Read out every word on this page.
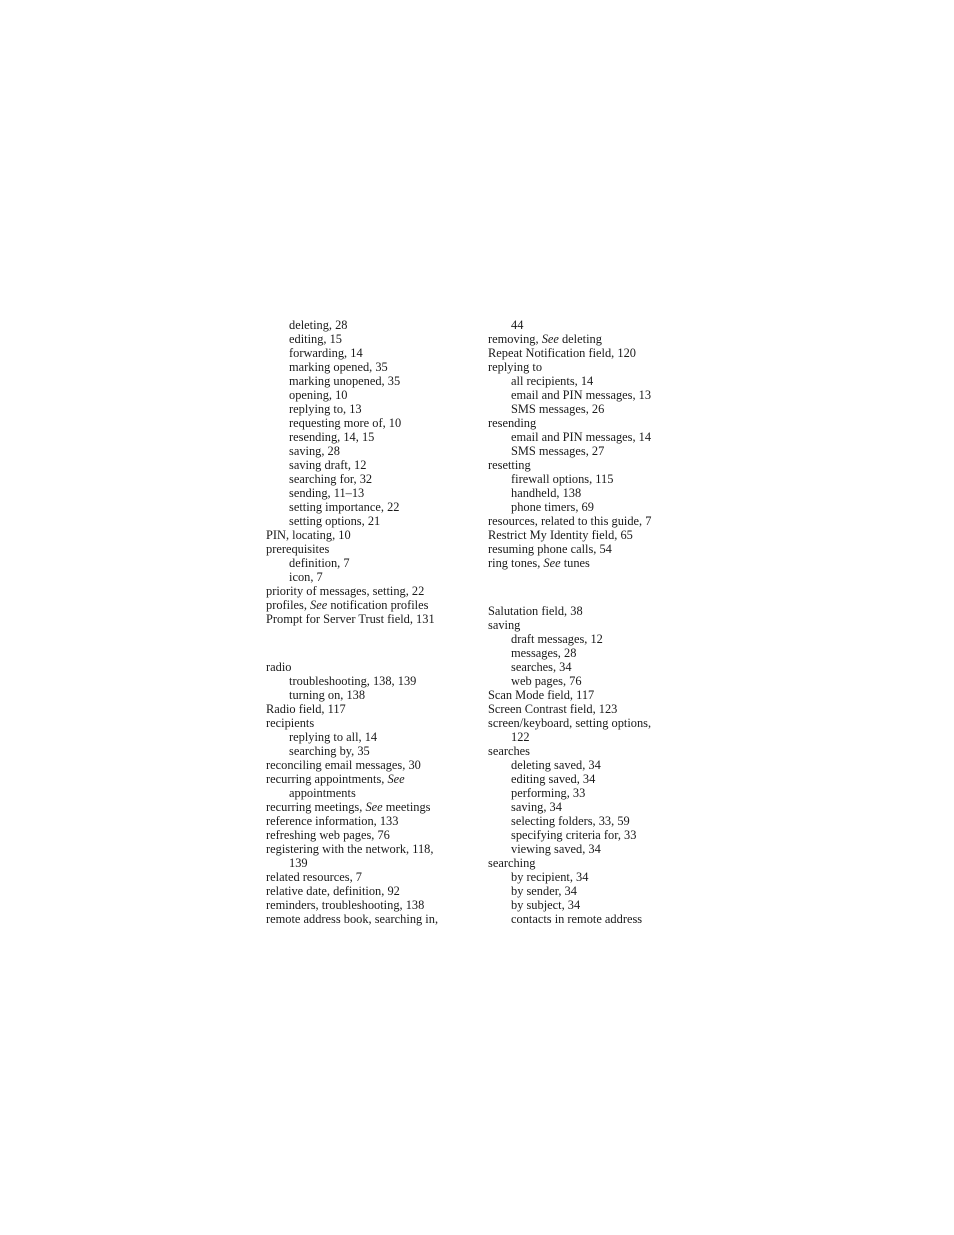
deleting, 28
editing, 15
forwarding, 14
marking opened, 35
marking unopened, 35
opening, 10
replying to, 13
requesting more of, 10
resending, 14, 15
saving, 28
saving draft, 12
searching for, 32
sending, 11–13
setting importance, 22
setting options, 21
PIN, locating, 10
prerequisites
definition, 7
icon, 7
priority of messages, setting, 22
profiles, See notification profiles
Prompt for Server Trust field, 131
radio
troubleshooting, 138, 139
turning on, 138
Radio field, 117
recipients
replying to all, 14
searching by, 35
reconciling email messages, 30
recurring appointments, See
appointments
recurring meetings, See meetings
reference information, 133
refreshing web pages, 76
registering with the network, 118,
139
related resources, 7
relative date, definition, 92
reminders, troubleshooting, 138
remote address book, searching in,
44
removing, See deleting
Repeat Notification field, 120
replying to
all recipients, 14
email and PIN messages, 13
SMS messages, 26
resending
email and PIN messages, 14
SMS messages, 27
resetting
firewall options, 115
handheld, 138
phone timers, 69
resources, related to this guide, 7
Restrict My Identity field, 65
resuming phone calls, 54
ring tones, See tunes
Salutation field, 38
saving
draft messages, 12
messages, 28
searches, 34
web pages, 76
Scan Mode field, 117
Screen Contrast field, 123
screen/keyboard, setting options,
122
searches
deleting saved, 34
editing saved, 34
performing, 33
saving, 34
selecting folders, 33, 59
specifying criteria for, 33
viewing saved, 34
searching
by recipient, 34
by sender, 34
by subject, 34
contacts in remote address
